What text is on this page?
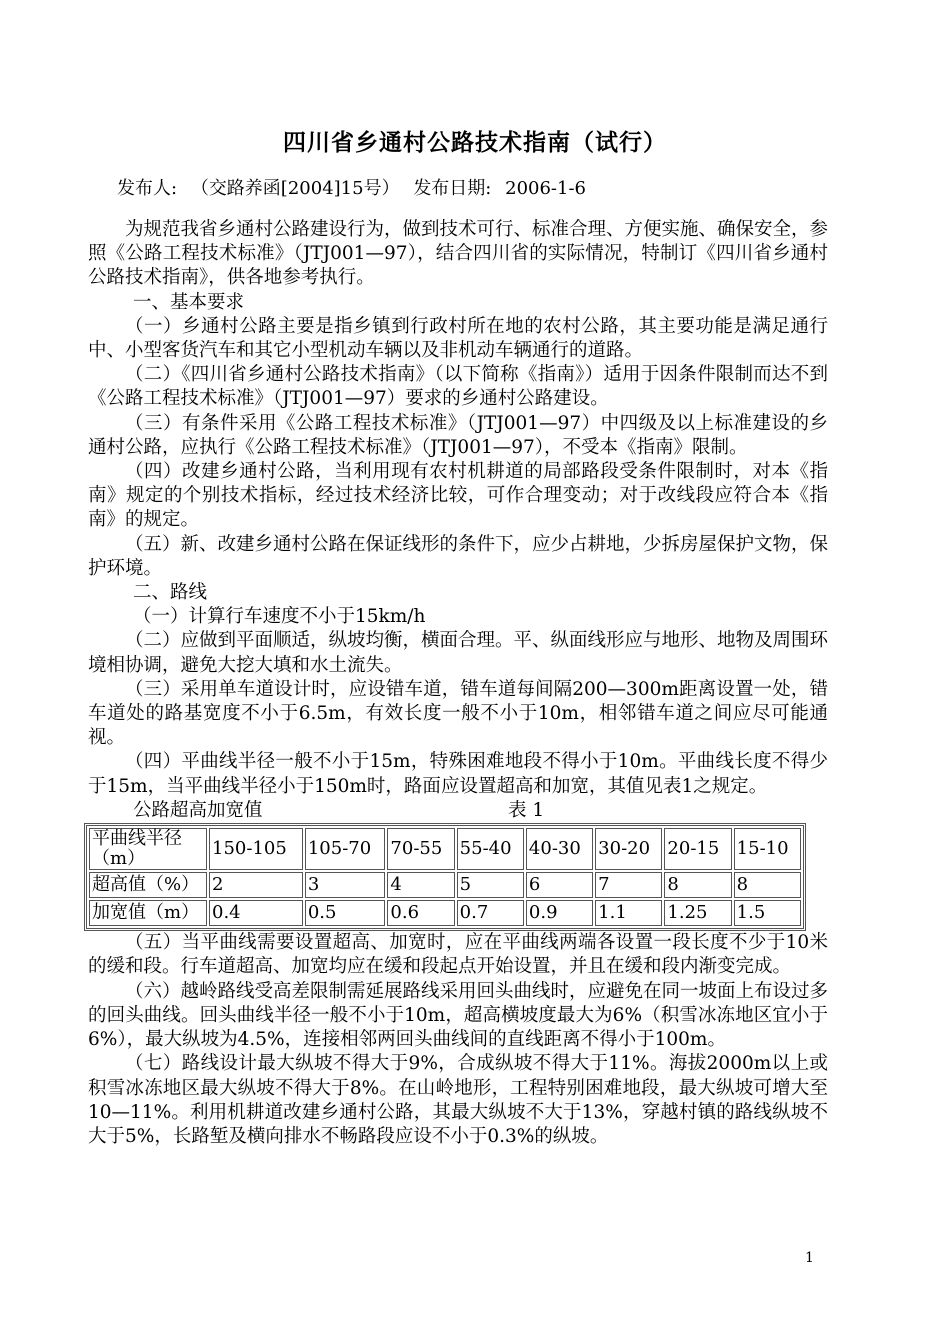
四川省乡通村公路技术指南（试行）
发布人: （交路养函[2004]15号） 发布日期: 2006-1-6

为规范我省乡通村公路建设行为，做到技术可行、标准合理、方便实施、确保安全，参照《公路工程技术标准》（JTJ001—97），结合四川省的实际情况，特制订《四川省乡通村公路技术指南》，供各地参考执行。

一、基本要求

（一）乡通村公路主要是指乡镇到行政村所在地的农村公路，其主要功能是满足通行中、小型客货汽车和其它小型机动车辆以及非机动车辆通行的道路。

（二）《四川省乡通村公路技术指南》（以下简称《指南》）适用于因条件限制而达不到《公路工程技术标准》（JTJ001—97）要求的乡通村公路建设。

（三）有条件采用《公路工程技术标准》（JTJ001—97）中四级及以上标准建设的乡通村公路，应执行《公路工程技术标准》（JTJ001—97），不受本《指南》限制。

（四）改建乡通村公路，当利用现有农村机耕道的局部路段受条件限制时，对本《指南》规定的个别技术指标，经过技术经济比较，可作合理变动；对于改线段应符合本《指南》的规定。

（五）新、改建乡通村公路在保证线形的条件下，应少占耕地，少拆房屋保护文物，保护环境。

二、路线

（一）计算行车速度不小于15km/h

（二）应做到平面顺适，纵坡均衡，横面合理。平、纵面线形应与地形、地物及周围环境相协调，避免大挖大填和水土流失。

（三）采用单车道设计时，应设错车道，错车道每间隔200—300m距离设置一处，错车道处的路基宽度不小于6.5m，有效长度一般不小于10m，相邻错车道之间应尽可能通视。

（四）平曲线半径一般不小于15m，特殊困难地段不得小于10m。平曲线长度不得少于15m，当平曲线半径小于150m时，路面应设置超高和加宽，其值见表1之规定。

公路超高加宽值	表 1
平曲线半径（m）	150-105	105-70	70-55	55-40	40-30	30-20	20-15	15-10
超高值（%）	2	3	4	5	6	7	8	8
加宽值（m）	0.4	0.5	0.6	0.7	0.9	1.1	1.25	1.5

（五）当平曲线需要设置超高、加宽时，应在平曲线两端各设置一段长度不少于10米的缓和段。行车道超高、加宽均应在缓和段起点开始设置，并且在缓和段内渐变完成。

（六）越岭路线受高差限制需延展路线采用回头曲线时，应避免在同一坡面上布设过多的回头曲线。回头曲线半径一般不小于10m，超高横坡度最大为6%（积雪冰冻地区宜小于6%），最大纵坡为4.5%，连接相邻两回头曲线间的直线距离不得小于100m。

（七）路线设计最大纵坡不得大于9%，合成纵坡不得大于11%。海拔2000m以上或积雪冰冻地区最大纵坡不得大于8%。在山岭地形，工程特别困难地段，最大纵坡可增大至10—11%。利用机耕道改建乡通村公路，其最大纵坡不大于13%，穿越村镇的路线纵坡不大于5%，长路堑及横向排水不畅路段应设不小于0.3%的纵坡。

1
